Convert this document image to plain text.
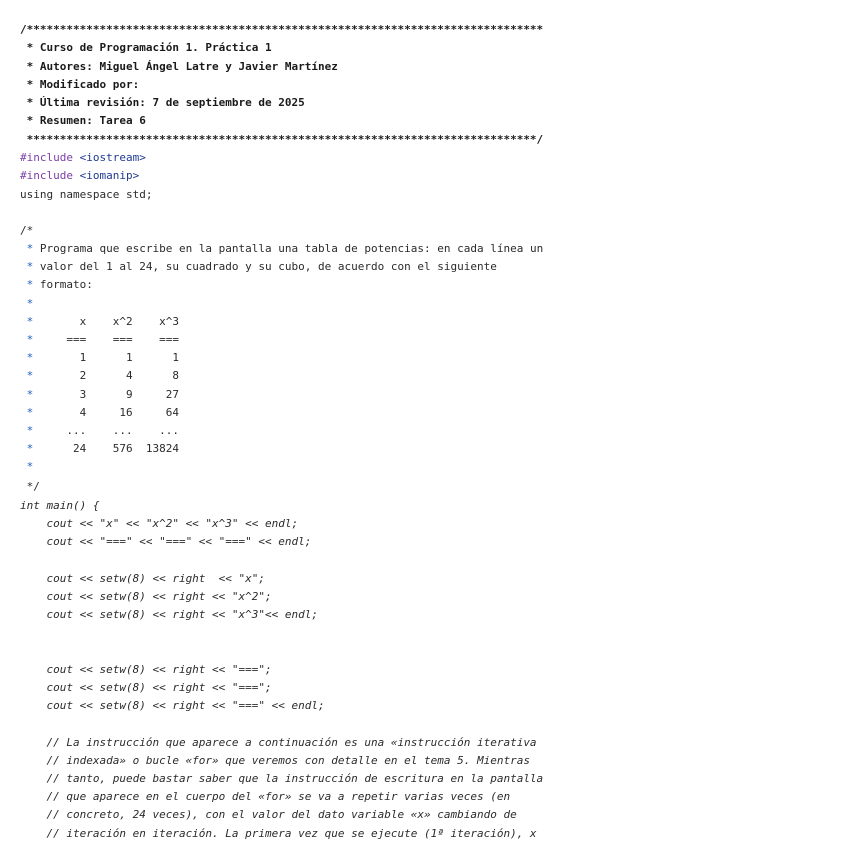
/******************************************************************************
* Curso de Programación 1. Práctica 1
* Autores: Miguel Ángel Latre y Javier Martínez
* Modificado por:
* Última revisión: 7 de septiembre de 2025
* Resumen: Tarea 6
*****************************************************************************/
#include <iostream>
#include <iomanip>
using namespace std;
/*
* Programa que escribe en la pantalla una tabla de potencias: en cada línea un
* valor del 1 al 24, su cuadrado y su cubo, de acuerdo con el siguiente
* formato:
*
*       x    x^2    x^3
*     ===    ===    ===
*       1      1      1
*       2      4      8
*       3      9     27
*       4     16     64
*     ...    ...    ...
*      24    576  13824
*
*/
int main() {
cout << "x" << "x^2" << "x^3" << endl;
cout << "===" << "===" << "===" << endl;
cout << setw(8) << right  << "x";
cout << setw(8) << right << "x^2";
cout << setw(8) << right << "x^3"<< endl;
cout << setw(8) << right << "===";
cout << setw(8) << right << "===";
cout << setw(8) << right << "===" << endl;
// La instrucción que aparece a continuación es una «instrucción iterativa
// indexada» o bucle «for» que veremos con detalle en el tema 5. Mientras
// tanto, puede bastar saber que la instrucción de escritura en la pantalla
// que aparece en el cuerpo del «for» se va a repetir varias veces (en
// concreto, 24 veces), con el valor del dato variable «x» cambiando de
// iteración en iteración. La primera vez que se ejecute (1ª iteración), x
